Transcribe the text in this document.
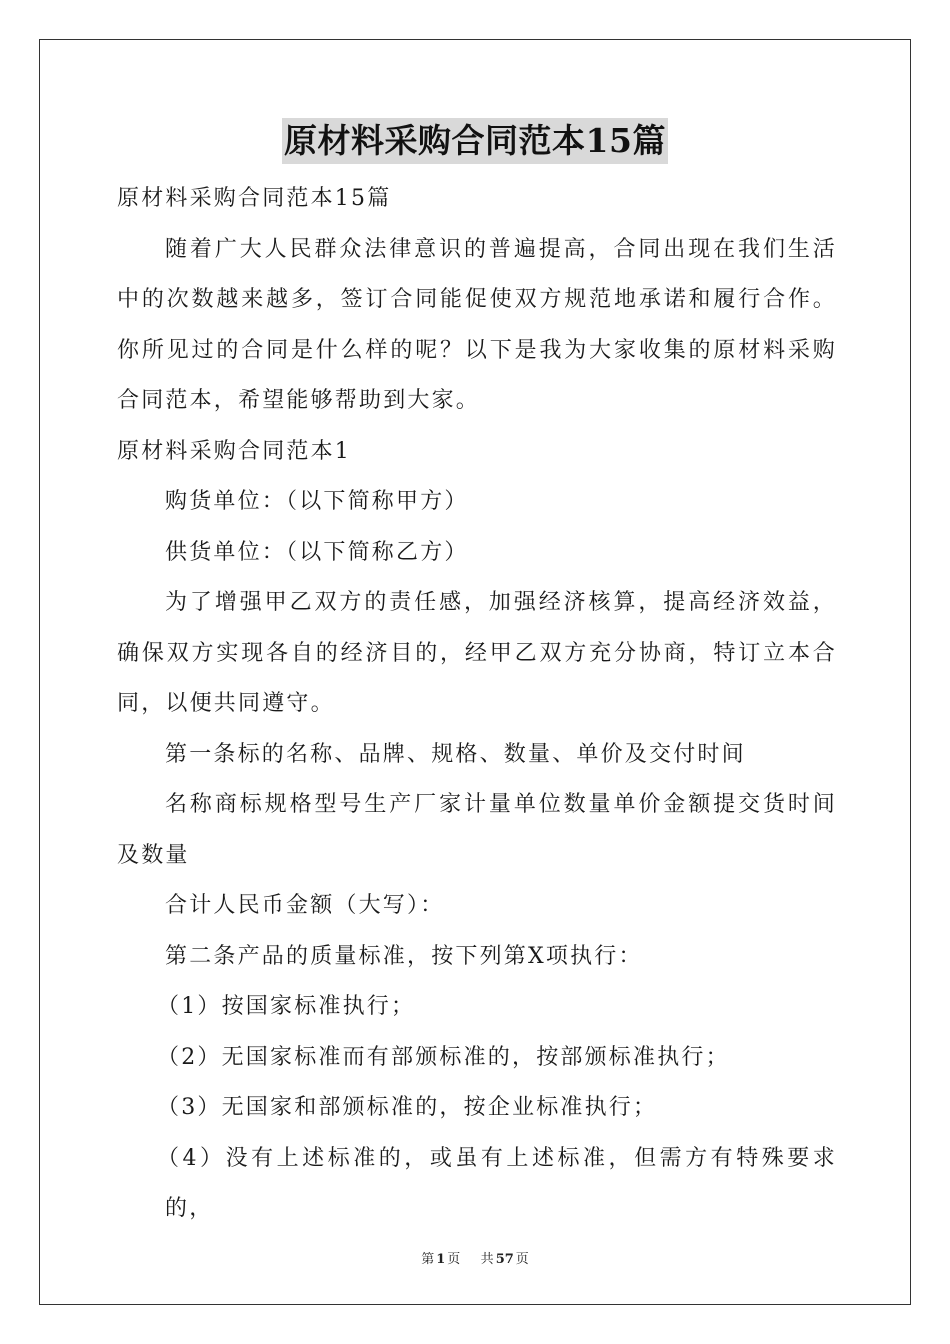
原材料采购合同范本15篇

原材料采购合同范本15篇

随着广大人民群众法律意识的普遍提高，合同出现在我们生活中的次数越来越多，签订合同能促使双方规范地承诺和履行合作。你所见过的合同是什么样的呢？以下是我为大家收集的原材料采购合同范本，希望能够帮助到大家。

原材料采购合同范本1

购货单位：（以下简称甲方）

供货单位：（以下简称乙方）

为了增强甲乙双方的责任感，加强经济核算，提高经济效益，确保双方实现各自的经济目的，经甲乙双方充分协商，特订立本合同，以便共同遵守。

第一条标的名称、品牌、规格、数量、单价及交付时间

名称商标规格型号生产厂家计量单位数量单价金额提交货时间及数量

合计人民币金额（大写）：

第二条产品的质量标准，按下列第X项执行：

（1）按国家标准执行；

（2）无国家标准而有部颁标准的，按部颁标准执行；

（3）无国家和部颁标准的，按企业标准执行；

（4）没有上述标准的，或虽有上述标准，但需方有特殊要求的，

第 1 页 共 57 页
